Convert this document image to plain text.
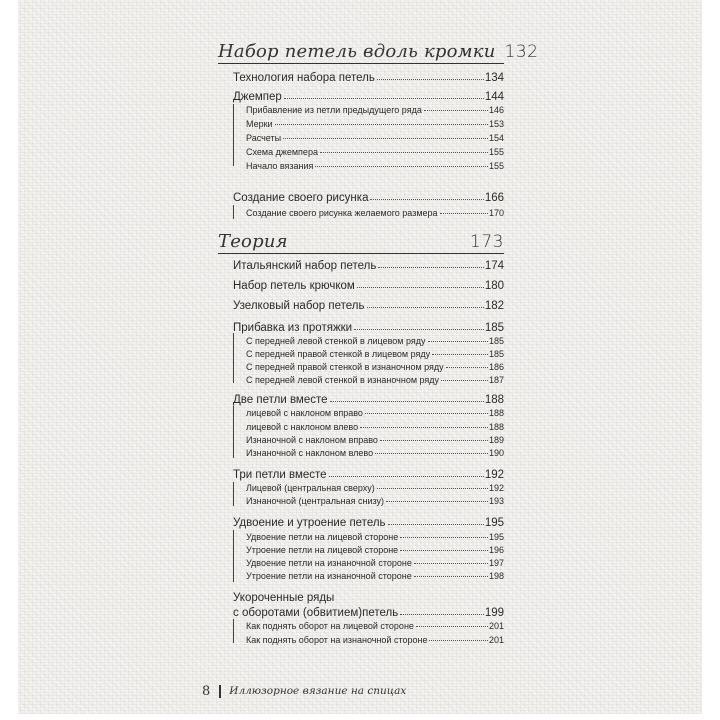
Набор петель вдоль кромки 132
Технология набора петель	134
Джемпер	144
Прибавление из петли предыдущего ряда	146
Мерки	153
Расчеты	154
Схема джемпера	155
Начало вязания	155
Создание своего рисунка	166
Создание своего рисунка желаемого размера	170
Теория	173
Итальянский набор петель	174
Набор петель крючком	180
Узелковый набор петель	182
Прибавка из протяжки	185
С передней левой стенкой в лицевом ряду	185
С передней правой стенкой в лицевом ряду	185
С передней правой стенкой в изнаночном ряду	186
С передней левой стенкой в изнаночном ряду	187
Две петли вместе	188
лицевой с наклоном вправо	188
лицевой с наклоном влево	188
Изнаночной с наклоном вправо	189
Изнаночной с наклоном влево	190
Три петли вместе	192
Лицевой (центральная сверху)	192
Изнаночной (центральная снизу)	193
Удвоение и утроение петель	195
Удвоение петли на лицевой стороне	195
Утроение петли на лицевой стороне	196
Удвоение петли на изнаночной стороне	197
Утроение петли на изнаночной стороне	198
Укороченные ряды
с оборотами (обвитием)петель	199
Как поднять оборот на лицевой стороне	201
Как поднять оборот на изнаночной стороне	201
8 Иллюзорное вязание на спицах
